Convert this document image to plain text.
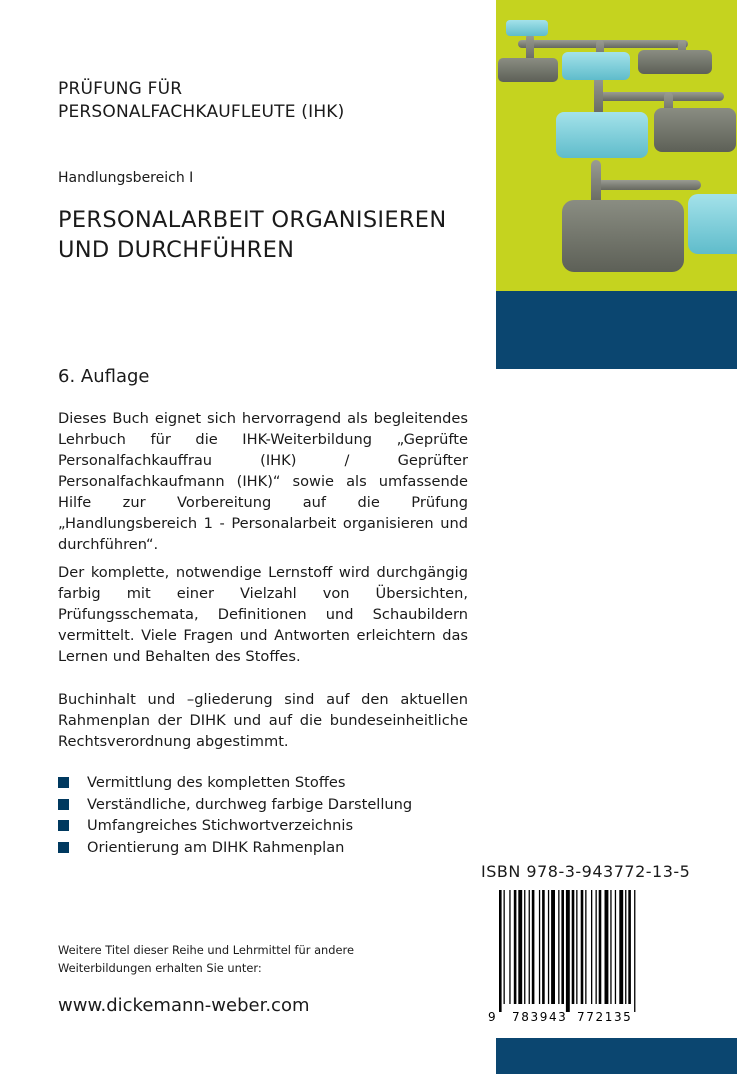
PRÜFUNG FÜR
PERSONALFACHKAUFLEUTE (IHK)
Handlungsbereich I
PERSONALARBEIT ORGANISIEREN
UND DURCHFÜHREN
6. Auflage
Dieses Buch eignet sich hervorragend als begleitendes Lehrbuch für die IHK-Weiterbildung „Geprüfte Personalfachkauffrau (IHK) / Geprüfter Personalfachkaufmann (IHK)“ sowie als umfassende Hilfe zur Vorbereitung auf die Prüfung „Handlungsbereich 1 - Personalarbeit organisieren und durchführen“.
Der komplette, notwendige Lernstoff wird durchgängig farbig mit einer Vielzahl von Übersichten, Prüfungsschemata, Definitionen und Schaubildern vermittelt. Viele Fragen und Antworten erleichtern das Lernen und Behalten des Stoffes.
Buchinhalt und –gliederung sind auf den aktuellen Rahmenplan der DIHK und auf die bundeseinheitliche Rechtsverordnung abgestimmt.
Vermittlung des kompletten Stoffes
Verständliche, durchweg farbige Darstellung
Umfangreiches Stichwortverzeichnis
Orientierung am DIHK Rahmenplan
Weitere Titel dieser Reihe und Lehrmittel für andere Weiterbildungen erhalten Sie unter:
www.dickemann-weber.com
ISBN 978-3-943772-13-5
9 783943 772135
